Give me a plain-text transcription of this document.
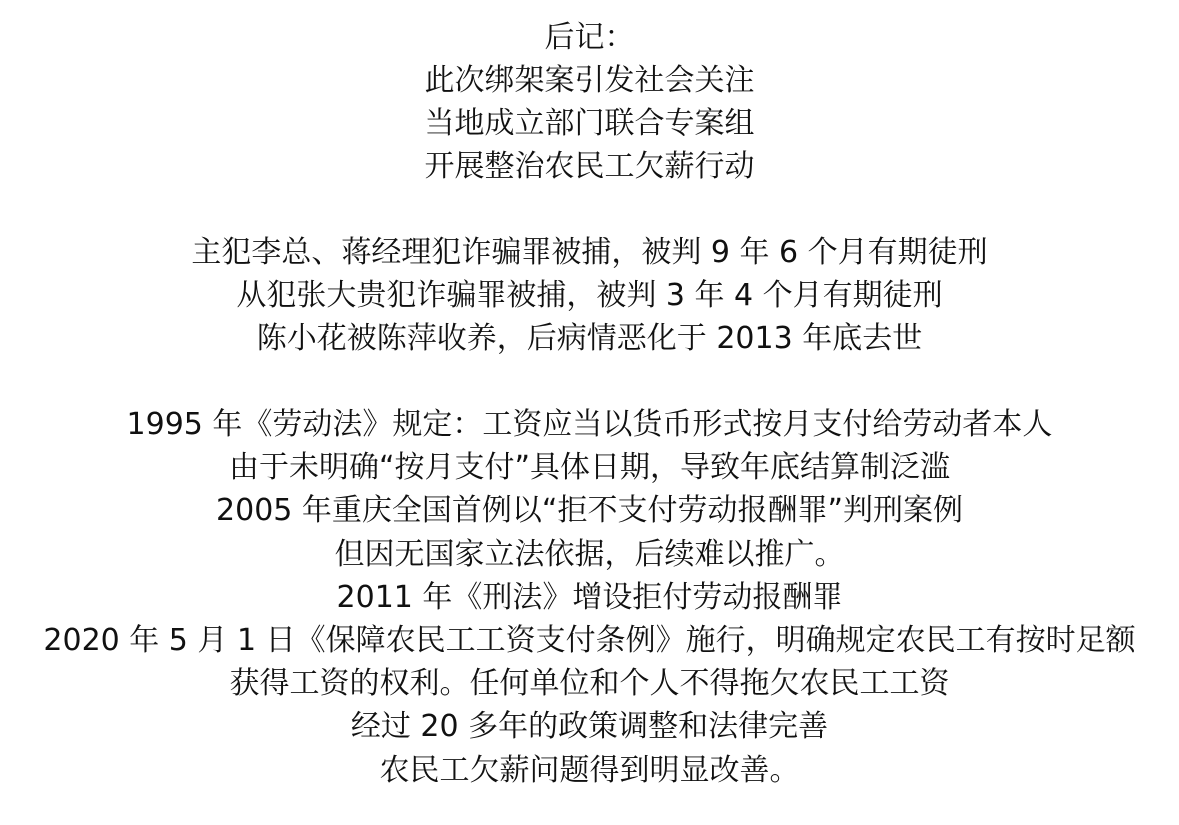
后记：
此次绑架案引发社会关注
当地成立部门联合专案组
开展整治农民工欠薪行动
主犯李总、蒋经理犯诈骗罪被捕，被判 9 年 6 个月有期徒刑
从犯张大贵犯诈骗罪被捕，被判 3 年 4 个月有期徒刑
陈小花被陈萍收养，后病情恶化于 2013 年底去世
1995 年《劳动法》规定：工资应当以货币形式按月支付给劳动者本人
由于未明确“按月支付”具体日期，导致年底结算制泛滥
2005 年重庆全国首例以“拒不支付劳动报酬罪”判刑案例
但因无国家立法依据，后续难以推广。
2011 年《刑法》增设拒付劳动报酬罪
2020 年 5 月 1 日《保障农民工工资支付条例》施行，明确规定农民工有按时足额
获得工资的权利。任何单位和个人不得拖欠农民工工资
经过 20 多年的政策调整和法律完善
农民工欠薪问题得到明显改善。
